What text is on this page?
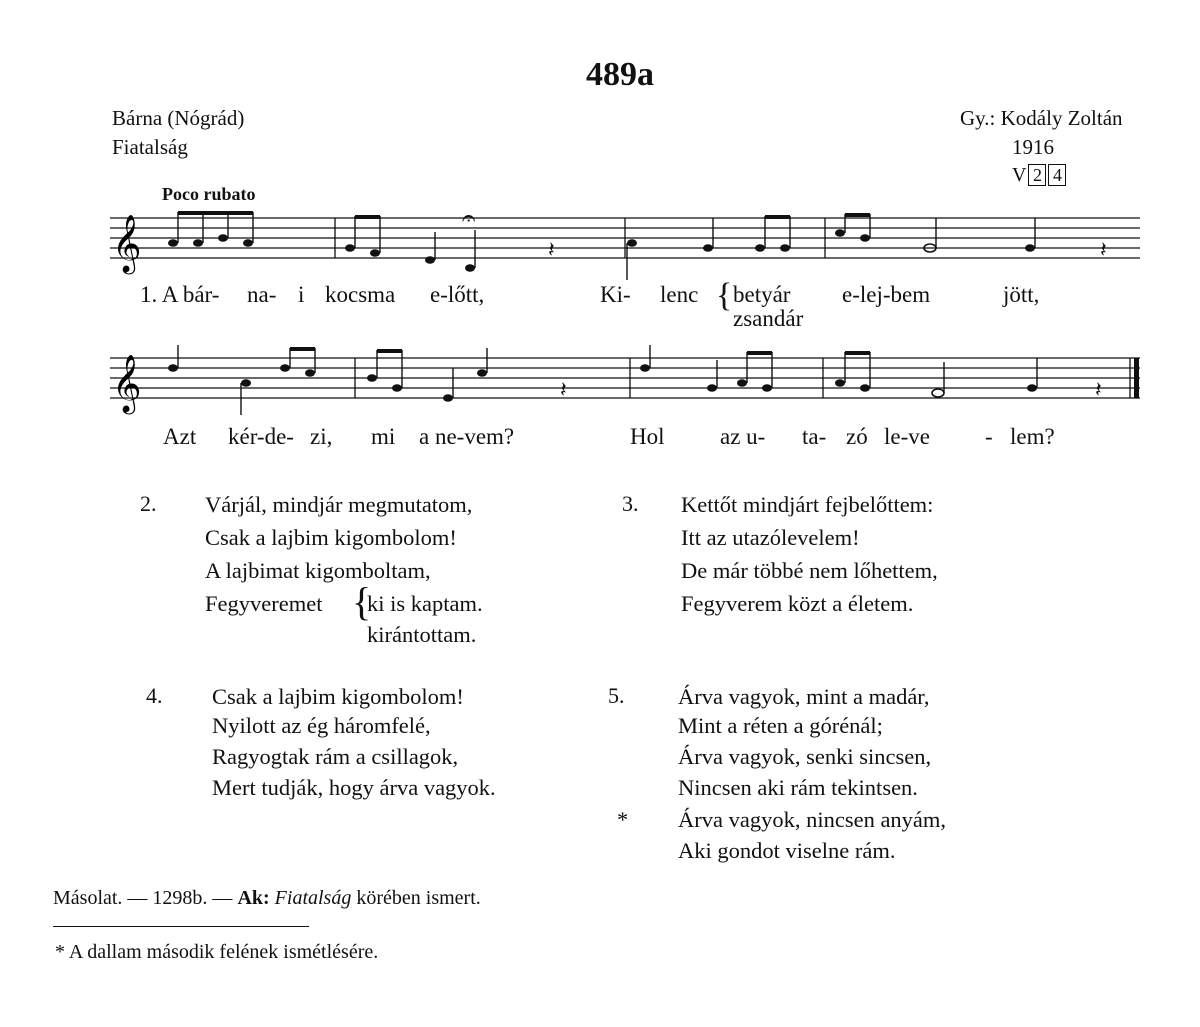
489a
Bárna (Nógrád)
Fiatalság
Gy.: Kodály Zoltán
1916
V 2 4
Poco rubato
𝄞	𝄽	𝄽
𝄐
1. A bár- na- i kocsma e-lőtt,	Ki- lenc { betyár
zsandár
e-lej-bem	jött,
𝄞	𝄽	𝄽
Azt kér-de- zi, mi a ne-vem?	Hol az u- ta- zó le-ve - lem?
2. Várjál, mindjár megmutatom,
Csak a lajbim kigombolom!
A lajbimat kigomboltam,
Fegyveremet {
ki is kaptam.
kirántottam.
3. Kettőt mindjárt fejbelőttem:
Itt az utazólevelem!
De már többé nem lőhettem,
Fegyverem közt a életem.
4. Csak a lajbim kigombolom!
Nyilott az ég háromfelé,
Ragyogtak rám a csillagok,
Mert tudják, hogy árva vagyok.
5. Árva vagyok, mint a madár,
Mint a réten a górénál;
Árva vagyok, senki sincsen,
Nincsen aki rám tekintsen.
* Árva vagyok, nincsen anyám,
Aki gondot viselne rám.
Másolat. — 1298b. — Ak: Fiatalság körében ismert.
* A dallam második felének ismétlésére.
